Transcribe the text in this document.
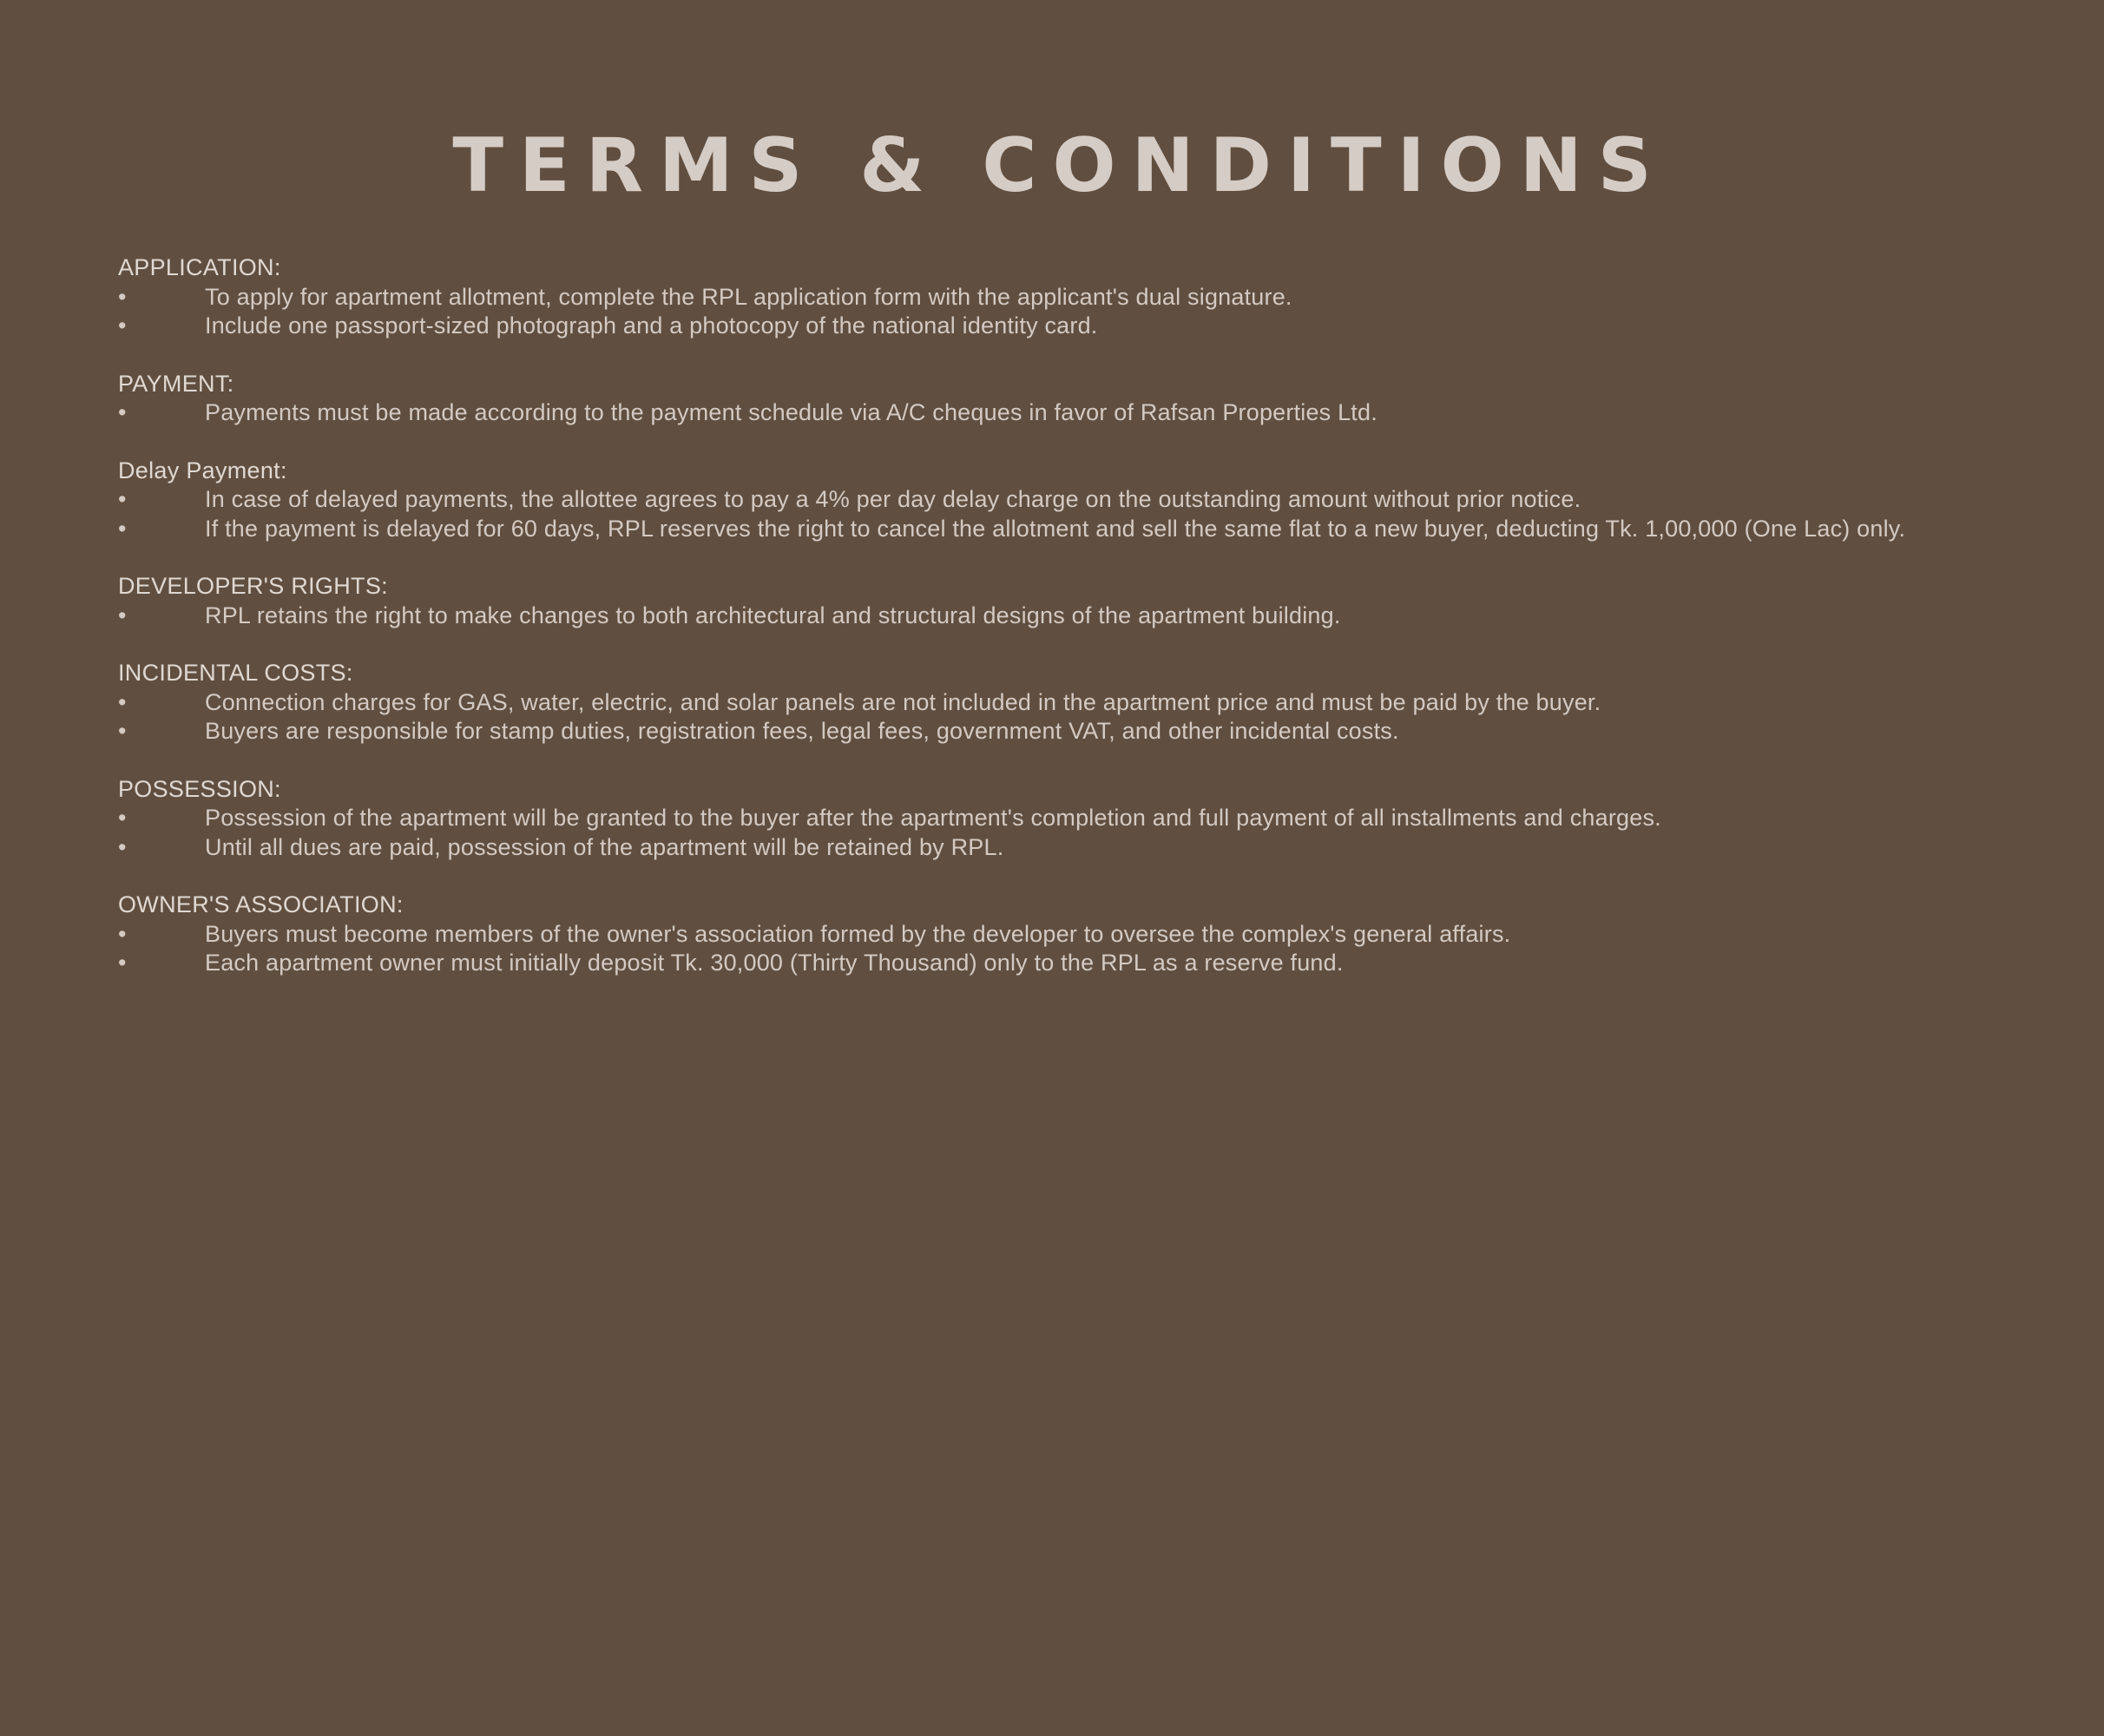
TERMS & CONDITIONS
APPLICATION:
•	To apply for apartment allotment, complete the RPL application form with the applicant's dual signature.
•	Include one passport-sized photograph and a photocopy of the national identity card.
PAYMENT:
•	Payments must be made according to the payment schedule via A/C cheques in favor of Rafsan Properties Ltd.
Delay Payment:
•	In case of delayed payments, the allottee agrees to pay a 4% per day delay charge on the outstanding amount without prior notice.
•	If the payment is delayed for 60 days, RPL reserves the right to cancel the allotment and sell the same flat to a new buyer, deducting Tk. 1,00,000 (One Lac) only.
DEVELOPER'S RIGHTS:
•	RPL retains the right to make changes to both architectural and structural designs of the apartment building.
INCIDENTAL COSTS:
•	Connection charges for GAS, water, electric, and solar panels are not included in the apartment price and must be paid by the buyer.
•	Buyers are responsible for stamp duties, registration fees, legal fees, government VAT, and other incidental costs.
POSSESSION:
•	Possession of the apartment will be granted to the buyer after the apartment's completion and full payment of all installments and charges.
•	Until all dues are paid, possession of the apartment will be retained by RPL.
OWNER'S ASSOCIATION:
•	Buyers must become members of the owner's association formed by the developer to oversee the complex's general affairs.
•	Each apartment owner must initially deposit Tk. 30,000 (Thirty Thousand) only to the RPL as a reserve fund.
